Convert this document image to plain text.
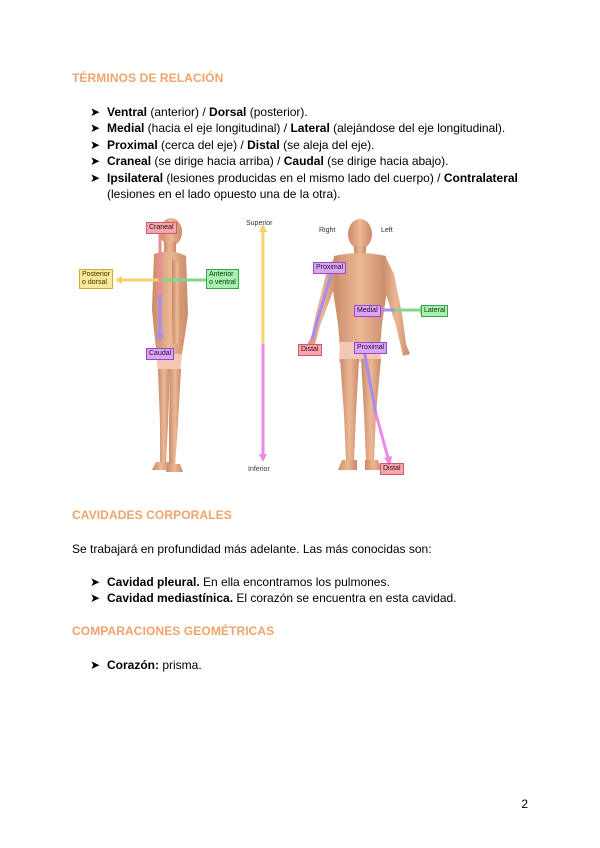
TÉRMINOS DE RELACIÓN
➤ Ventral (anterior) / Dorsal (posterior).
➤ Medial (hacia el eje longitudinal) / Lateral (alejándose del eje longitudinal).
➤ Proximal (cerca del eje) / Distal (se aleja del eje).
➤ Craneal (se dirige hacia arriba) / Caudal (se dirige hacia abajo).
➤ Ipsilateral (lesiones producidas en el mismo lado del cuerpo) / Contralateral (lesiones en el lado opuesto una de la otra).
Craneal
Caudal
Posterior
o dorsal
Anterior
o ventral
Superior
Inferior
Right	Left
Proximal
Distal
Medial	Lateral
Proximal
Distal
CAVIDADES CORPORALES
Se trabajará en profundidad más adelante. Las más conocidas son:
➤ Cavidad pleural. En ella encontramos los pulmones.
➤ Cavidad mediastínica. El corazón se encuentra en esta cavidad.
COMPARACIONES GEOMÉTRICAS
➤ Corazón: prisma.
2
